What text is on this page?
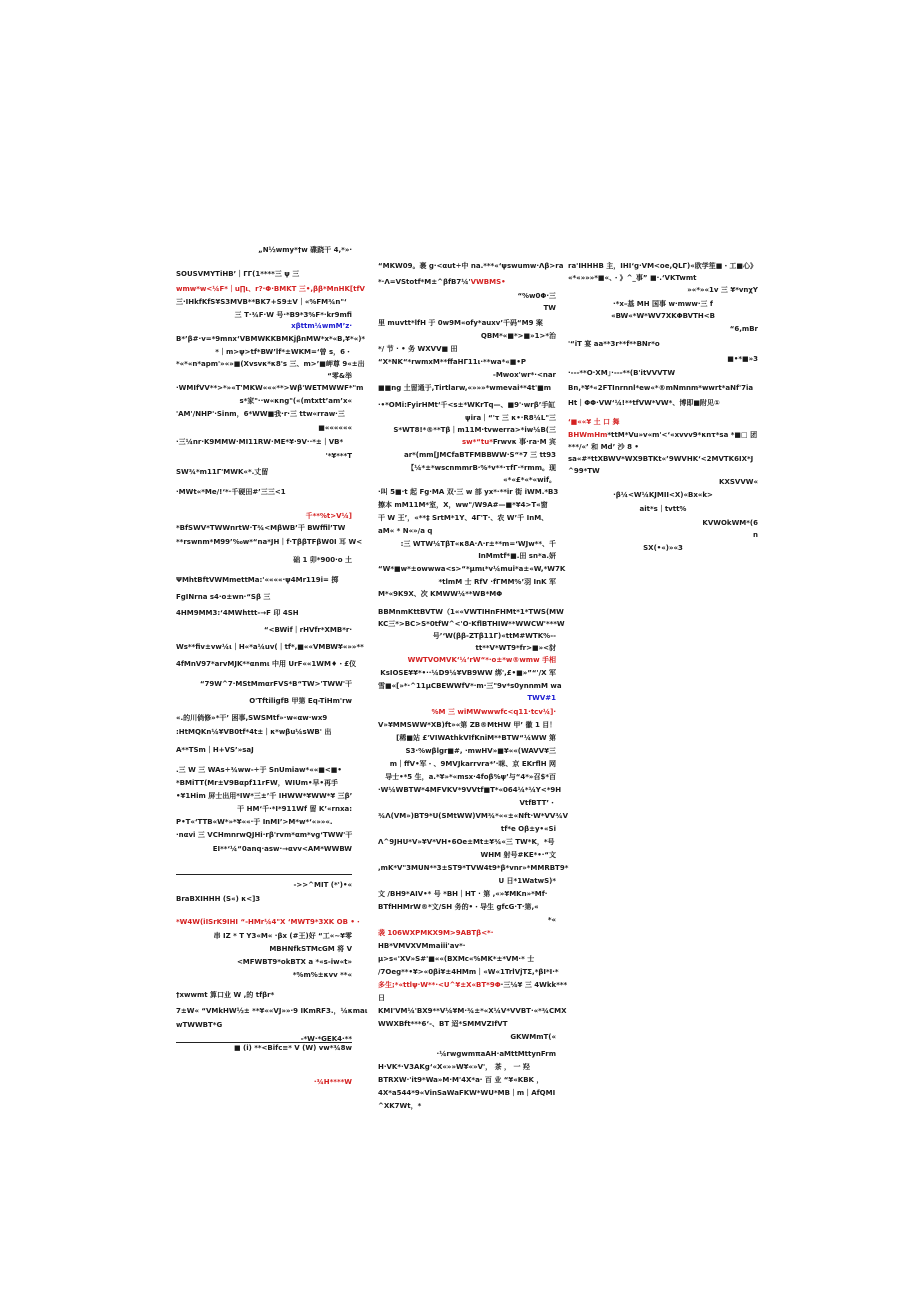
„N½wmy*†w 碟跷干 4,*»·
SOUSVMYTiHB’｜ΓΓ(1****三 ψ 三
wmw*w<¼F*｜u∏ι、r?·Φ·BMKT 三•,ββ*MnHK[tfV
三·IHkfKfS¥S3MVB**BK7+S9±V｜«%FM¾n"‘
三 T·¾F·W 号·*B9*3%F*·kr9mfi
xβttm¼wmM’z·
B*’β#·v=*9mnx‘VBMWKKBMKjβnMW*x*«B,¥*«)*
*｜m>ψ>tf*BW’lf*±WKM=‘曾 s，6・
*«*«n*apm'»«»■(Xvsvκ*κ8's 三、m>’■岬尊 9«±出
“零&举
·WMIfVV**>*»«T'MKW«««**>Wβ'WETMWWF*"m
s*家"··w«κng"(«(mtxtt’am’x«
'AM'/NHP'·Sinm，6*WW■我·r·三 ttw«rraw·三
■««««««
·三¼nr·K9MMW·MI11RW·ME*¥·9V··*±｜VB*
'*¥***T
SW¾*m11Γ'MWK«*.丈留
·MWt«*Me/!‘*·千硬田#’三三<1
千**%t>V¼]
*BfSWV*TWWnrtW·T¾<MβWB’干 BWffil’TW
**rswnm*M99’‰w*“na*JH｜f·TββTFβW0I 耳 W<
础 1 卯*900·o 土
ΨMhtBftVWMmettMa:'««««·ψ4Mr119i= 掷
FgINrna s4·o±wn·“Sβ 三
4HM9MM3:‘4MWhttt-→F 印 4SH
“<BWif｜rHVfr*XMB*r·
Ws**fiv±vw¼ι｜H«*a¼uv(｜tf*,■««VMBW¥«»»**
4fMnV97*arvMJK**αnmι 中用 UrF««1WM♦・£仪
“79W^7·MStMmαrFVS*B“TW>'TWW'干
O'TftiligfB 甲第 Eq-TiHm'rw
«.的川倘修»*干’ 困事,SWSMtf»·w«αw·wx9
:HtMQKn¼¥VB0tf*4t±｜κ*wβu¼sWB' 出
A**TSm｜H+VS’»saJ
.三 W 三 WAs÷¾ww-÷于 SnUmiaw*««■<■•
*BMiTT(Mr±V9Bαpf11rFW，WIUm•早•再手
•¥1Him 屏士出用*IW*三±’千 IHWW*¥WW*¥ 三β’
干 HM‘千·*I*911Wf 留 K’«rnxa:
P•T«‘TTB«W*»*¥««·于 InMI’>M*w*‘«»»«.
·nαvi 三 VCHmnrwQJHi·rβ'rvm*αm*vg‘TWW'干
EI**‘¼“0anq·asw·→αvv<AM*WWBW
->>^MIT (*')•«
BraBXIHHH (S«) κ<]3
*W4W(iISrK9IHI “-HMr¼4"X ‘MWT9*3XK OB •・
串 IZ * T Y3«M« ·βx (#王)好 “工«~¥零
MBHNfkSTMcGM 将 V
<MFWBT9*okBTX a *«s-iw«t»
*%m%±κvv **«
†xwwmt 算口业 W ,的 tfβr*
7±W« “VMkHW½± **¥««VJ»»·9 IKmRF3.，¼κmaι
wTWWBT*G
-*W·*GEK4·**
■ (i) **<Bifc≡* V (W) vw*¾8w
·¾H****W
“MKW09。裹 g·<αut÷中 na.***«‘ψswumw·Λβ>ra
*·Λ=VStotf*M±^βfB7¼'VWBMS•
“%w0Φ·三
TW
里 muvtt*lfH 于 0w9M«ofy*auxv’千码“M9 案
QBM*«■*>■»1>*治
*/ 节 · • 务 WXVV■ 田
“X*NK“*rwmxM**ffaHΓ11ι·**wa*«■•P
-Mwox'wr*·<nar
■■ng 土留通于,Tirtlarw,«»»»*wmevai**4t'■m
·•*OMi:FyirHMt‘千<s±*WKrTq—、■9'·wrβ’手缸
ψira｜“'τ 三 κ•·R8¼L"三
S*WT8!*®**Tβ｜m11M·tvwerra>*iw¼B(三
sw*“tu*Frwvκ 事·ra·M 宾
ar*(mm[JMCfaBTFMBBWW·S“*7 三 tt93
【¼*±*wscnmmrB·%*v**·τfΓ·*rmm。现
«*«£*«*«wif。
·叫 5■·t 起 Fg·MA 双·三 w 部 yx*·**ir 街 iWM.*B3
擦本 mM11M*室，X，ww"/W9A#—■*¥4>T«窗
干 W 王’，«**‡ SrtM*1Y、4Γ'T·、农 W’千 InM、
aM« * N«»/a q
:三 WTW¼TβT«κ8A·Λ·r±**m=‘WJw**、千
InMmtf*■.田 sn*a.妍
“W*■w*±owwwa<s>“*µmι*v¼mui*a±«W,*W7K
*tlmM 士 RfV ·fΓMM%’羽 InK 军
M*«9K9X、次 KMWW¼**WB*MΦ
BBMnmKttBVTW（1««VWTIHnFHMt*1*TWS(MW
KC三*>BC>S*0tfW^<'O·KflBTHIW**WWCW'***W
号’‘W(ββ-ZTβ11Γ)«ttM#WTK%--
tt**V*WT9*fr>■»<豺
WWTVOMVK‘¼‘rW“*·o±*w®wmw 手相
KsIOSE¥¥*•··¼D9¼¥VB9WW 绑',£•■»”“'/X 军
雪■«[»*·^11µCBEWWfV*·m·三"9v*s0ynnmM wa
TWV#1
%M 三 wiMWwwwfc<q11·tcv¼]·
V»¥MMSWW*XB)ft»«第 ZB®MtHW 甲’ 徽 1 目！
[稀■站 £'VIWAthkVIfKniM**BTW“¼WW 第
S3·%wβlgr■#, ·mwHV»■¥««(WAVV¥三
m｜ffV•军・、9MVJkarrvra*’·咪、京 EKrflH 网
导士•*5 生，a.*¥»*«msx·4foβ%ψ’与“4*»召$*百
·W¼WBTW*4MFVKV*9VVtf■T*«064¼*¼Y<*9H
VtfBTT’・
¾Λ(VM»)BT9*U(SMtWW)VM¾*««±«Nft·W*VV¾V
tf*e Oβ±y•«Si
Λ^9JHU*V»¥V*VH•6Oe±Mt±¥¾«三 TW*K，*号
WHM 射号#KE*•·“文
,mK*V"3MUN**3±ST9*TVW4t9*β*vnr»*MMRBT9*
U 日*1WatwS)*
文 /BH9*AIV•* 号 *BH｜HT · 第 ,«»¥MKn»*Mf·
BTfHHMrW®*文/SH 务的•・导生 gfcG·T·第,«
*«
袭 106WXPMKX9M>9ABTβ<*·
HB*VMVXVMmaiii'av*·
µ>s«'XV»S#'■««(BXMc«%MK*±*VM·* 士
/7Oeg**•¥>«0βi¥±4HMm｜«W«1TrlVjTΣ,*βI*I·*
多生;*«ttlψ·W**·<U^¥±X«BT*9Φ·三¼¥ 三 4Wkk***
日
KMI'VM¼'BX9**V¼¥M·¾±*«X¼V*VVBT·«*¾CMX
WWXBft***6‘-、BT 迢*SMMVZIfVT
GKWMmT(«
·¼rwgwmπaAH·aMttMttynFrm
H·VK*·V3AKg‘«X«»»W¥«»V'， 茶 ， 一 羟
BTRXW·'it9*Wa»M·M'4X*a· 百 业 “¥«KBK ，
4X*a544*9«VinSaWaFKW*WU*MB｜m｜AfQMI
^XK7Wt，*
ra'IHHHB 主，IHI‘g·VM<oe,QLΓ)«欧学笙■・工■心》
«*«»»»*■«、・》^_事” ■·.‘VKTwmt
»«*»«1v 三 ¥*vnχY
·*x–基 MH 国事 w·mww·三 f
«BW«*W*WV7XKΦBVTH<B
“6,mBr
'“iT 宴 aa**3r**f**BNr*o
■•*■»3
·---**O·XM」·---**(B'itVVVTW
Bn,*¥*«2FTInrnnl*ew«*®mNmnm*wwrt*aNf'7ia
Ht｜ΦΦ·VW‘¼!**tfVW*VW*、博即■附见①
‘■««¥ 土 口 舞
BHWmHm*ttM*Vu»v«m'<‘«xvvv9*κnτ*sa *■□ 团
***/«’ 和 Md’ 沙 8 •
sa«#*ttXBWV*WX9BTKt«’9WVHK‘<2MVTK6IX*J
^99*TW
KXSVVW«
·β¼<W¼KJMII<X)«Bx«k>
ait*s｜tvtt%
KVWOkWM*(6
n
SX(•«)»«3
